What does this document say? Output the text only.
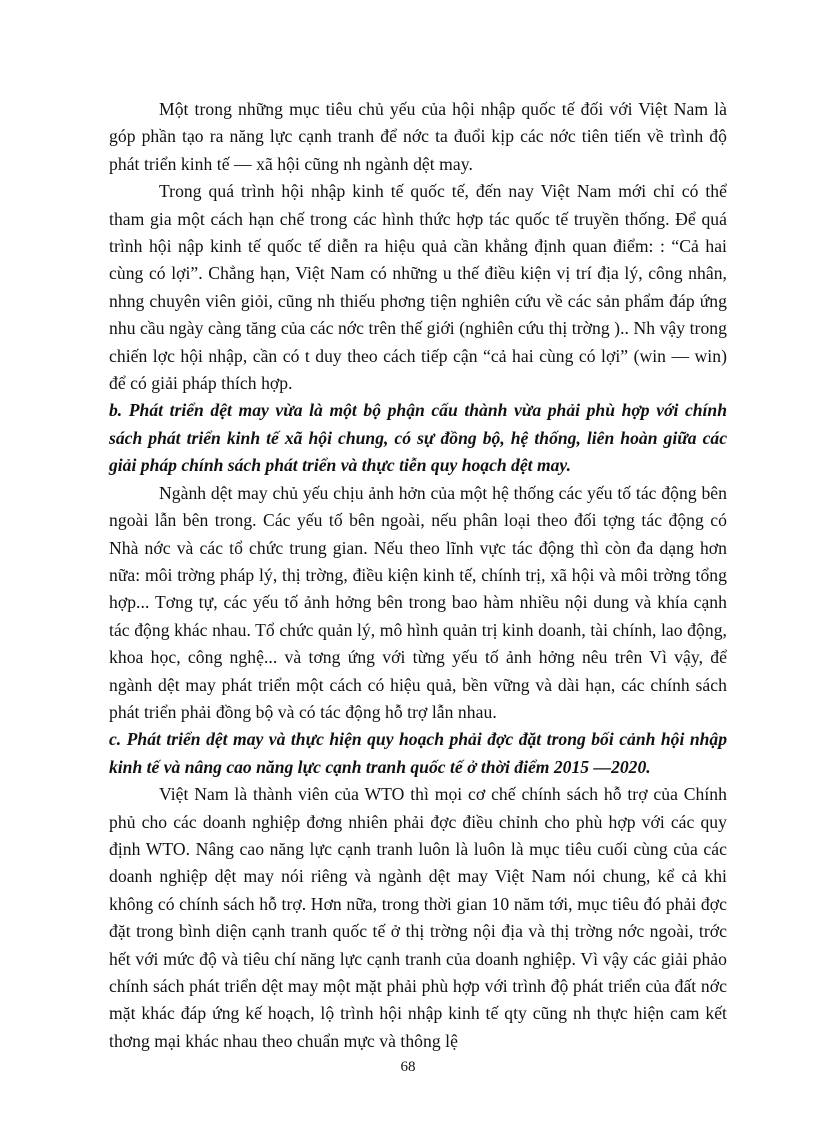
Một trong những mục tiêu chủ yếu của hội nhập quốc tế đối với Việt Nam là góp phần tạo ra năng lực cạnh tranh để nớc ta đuổi kịp các nớc tiên tiến về trình độ phát triển kinh tế — xã hội cũng nh ngành dệt may.

Trong quá trình hội nhập kinh tế quốc tế, đến nay Việt Nam mới chỉ có thể tham gia một cách hạn chế trong các hình thức hợp tác quốc tế truyền thống. Để quá trình hội nập kinh tế quốc tế diễn ra hiệu quả cần khẳng định quan điểm: : “Cả hai cùng có lợi”. Chẳng hạn, Việt Nam có những u thế điều kiện vị trí địa lý, công nhân, nhng chuyên viên giỏi, cũng nh thiếu phơng tiện nghiên cứu về các sản phẩm đáp ứng nhu cầu ngày càng tăng của các nớc trên thế giới (nghiên cứu thị trờng ).. Nh vậy trong chiến lợc hội nhập, cần có t duy theo cách tiếp cận “cả hai cùng có lợi” (win — win) để có giải pháp thích hợp.

b. Phát triển dệt may vừa là một bộ phận cấu thành vừa phải phù hợp với chính sách phát triển kinh tế xã hội chung, có sự đồng bộ, hệ thống, liên hoàn giữa các giải pháp chính sách phát triển và thực tiễn quy hoạch dệt may.

Ngành dệt may chủ yếu chịu ảnh hởn của một hệ thống các yếu tố tác động bên ngoài lẫn bên trong. Các yếu tố bên ngoài, nếu phân loại theo đối tợng tác động có Nhà nớc và các tổ chức trung gian. Nếu theo lĩnh vực tác động thì còn đa dạng hơn nữa: môi trờng pháp lý, thị trờng, điều kiện kinh tế, chính trị, xã hội và môi trờng tổng hợp... Tơng tự, các yếu tố ảnh hởng bên trong bao hàm nhiều nội dung và khía cạnh tác động khác nhau. Tổ chức quản lý, mô hình quản trị kinh doanh, tài chính, lao động, khoa học, công nghệ... và tơng ứng với từng yếu tố ảnh hởng nêu trên Vì vậy, để ngành dệt may phát triển một cách có hiệu quả, bền vững và dài hạn, các chính sách phát triển phải đồng bộ và có tác động hỗ trợ lẫn nhau.

c. Phát triển dệt may và thực hiện quy hoạch phải đợc đặt trong bối cảnh hội nhập kinh tế và nâng cao năng lực cạnh tranh quốc tế ở thời điểm 2015 —2020.

Việt Nam là thành viên của WTO thì mọi cơ chế chính sách hỗ trợ của Chính phủ cho các doanh nghiệp đơng nhiên phải đợc điều chỉnh cho phù hợp với các quy định WTO. Nâng cao năng lực cạnh tranh luôn là luôn là mục tiêu cuối cùng của các doanh nghiệp dệt may nói riêng và ngành dệt may Việt Nam nói chung, kể cả khi không có chính sách hỗ trợ. Hơn nữa, trong thời gian 10 năm tới, mục tiêu đó phải đợc đặt trong bình diện cạnh tranh quốc tế ở thị trờng nội địa và thị trờng nớc ngoài, trớc hết với mức độ và tiêu chí năng lực cạnh tranh của doanh nghiệp. Vì vậy các giải phảo chính sách phát triển dệt may một mặt phải phù hợp với trình độ phát triển của đất nớc mặt khác đáp ứng kế hoạch, lộ trình hội nhập kinh tế qty cũng nh thực hiện cam kết thơng mại khác nhau theo chuẩn mực và thông lệ

68
